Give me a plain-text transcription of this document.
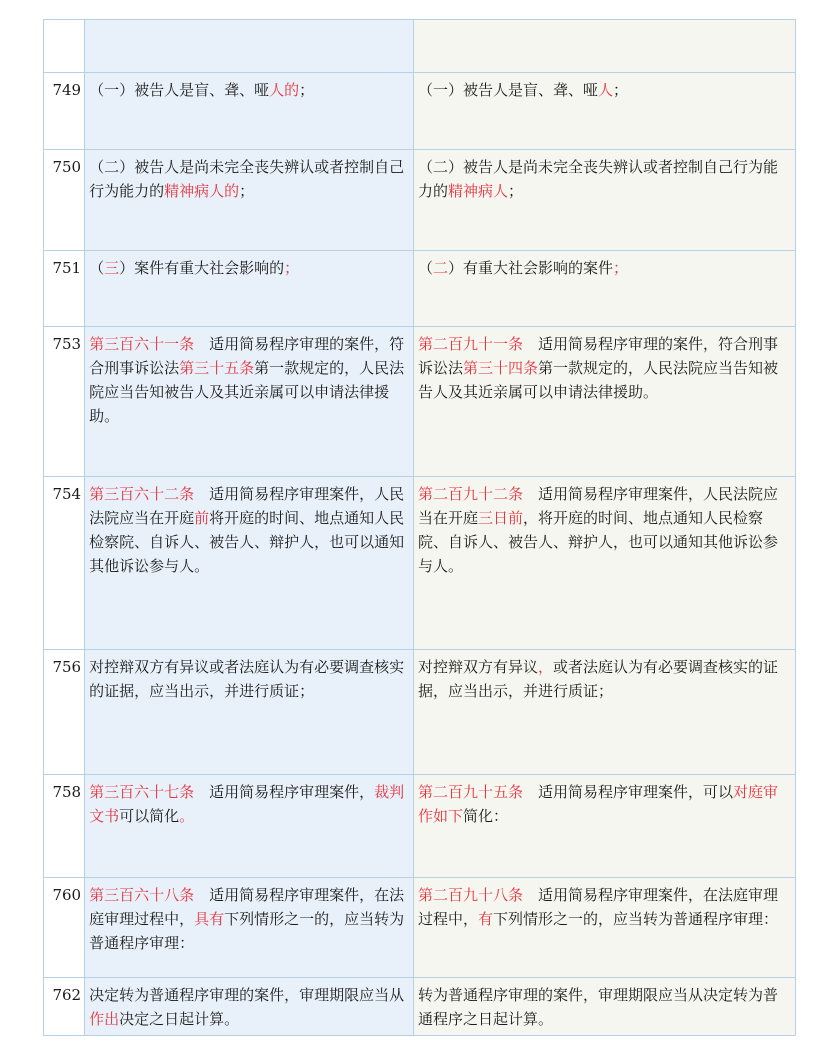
749	（一）被告人是盲、聋、哑人的；	（一）被告人是盲、聋、哑人；
750	（二）被告人是尚未完全丧失辨认或者控制自己行为能力的精神病人的；	（二）被告人是尚未完全丧失辨认或者控制自己行为能力的精神病人；
751	（三）案件有重大社会影响的；	（二）有重大社会影响的案件；
753	第三百六十一条　适用简易程序审理的案件，符合刑事诉讼法第三十五条第一款规定的，人民法院应当告知被告人及其近亲属可以申请法律援助。	第二百九十一条　适用简易程序审理的案件，符合刑事诉讼法第三十四条第一款规定的，人民法院应当告知被告人及其近亲属可以申请法律援助。
754	第三百六十二条　适用简易程序审理案件，人民法院应当在开庭前将开庭的时间、地点通知人民检察院、自诉人、被告人、辩护人，也可以通知其他诉讼参与人。	第二百九十二条　适用简易程序审理案件，人民法院应当在开庭三日前，将开庭的时间、地点通知人民检察院、自诉人、被告人、辩护人，也可以通知其他诉讼参与人。
756	对控辩双方有异议或者法庭认为有必要调查核实的证据，应当出示，并进行质证；	对控辩双方有异议，或者法庭认为有必要调查核实的证据，应当出示，并进行质证；
758	第三百六十七条　适用简易程序审理案件，裁判文书可以简化。	第二百九十五条　适用简易程序审理案件，可以对庭审作如下简化：
760	第三百六十八条　适用简易程序审理案件，在法庭审理过程中，具有下列情形之一的，应当转为普通程序审理：	第二百九十八条　适用简易程序审理案件，在法庭审理过程中，有下列情形之一的，应当转为普通程序审理：
762	决定转为普通程序审理的案件，审理期限应当从作出决定之日起计算。	转为普通程序审理的案件，审理期限应当从决定转为普通程序之日起计算。
